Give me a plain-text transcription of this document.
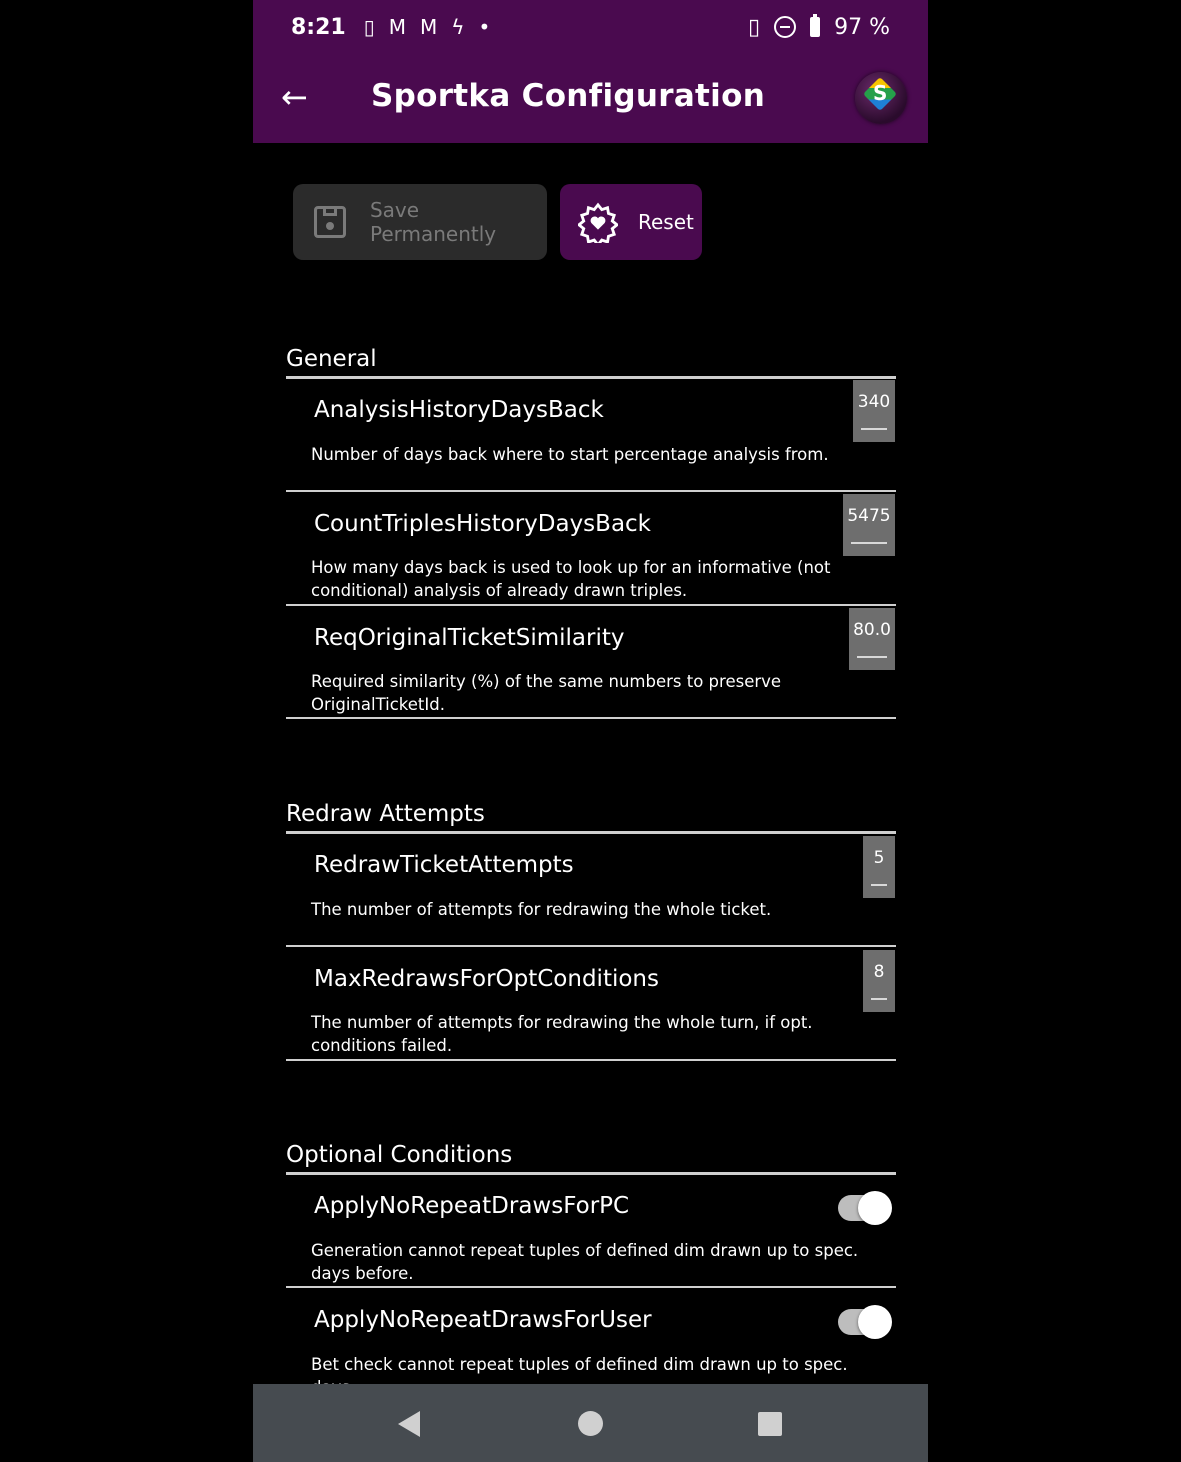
8:21 ▯ M M ϟ •	▯	97 %
← Sportka Configuration	S
Save Permanently	Reset
General
AnalysisHistoryDaysBack	340
Number of days back where to start percentage analysis from.
CountTriplesHistoryDaysBack	5475
How many days back is used to look up for an informative (not conditional) analysis of already drawn triples.
ReqOriginalTicketSimilarity	80.0
Required similarity (%) of the same numbers to preserve OriginalTicketId.
Redraw Attempts
RedrawTicketAttempts	5
The number of attempts for redrawing the whole ticket.
MaxRedrawsForOptConditions	8
The number of attempts for redrawing the whole turn, if opt. conditions failed.
Optional Conditions
ApplyNoRepeatDrawsForPC
Generation cannot repeat tuples of defined dim drawn up to spec. days before.
ApplyNoRepeatDrawsForUser
Bet check cannot repeat tuples of defined dim drawn up to spec.
